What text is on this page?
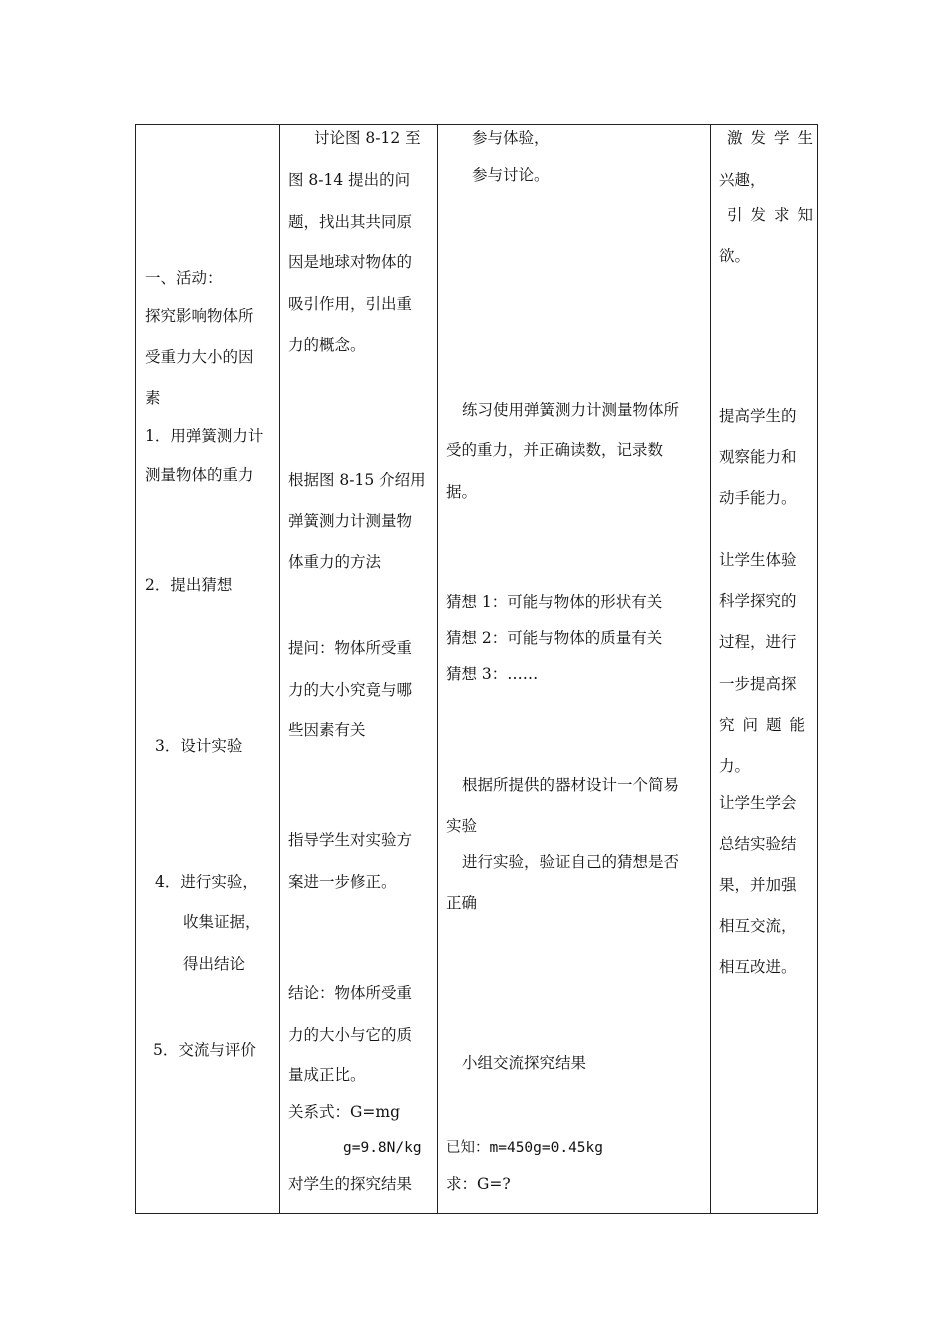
一、活动：
探究影响物体所
受重力大小的因
素
1．用弹簧测力计
测量物体的重力
2．提出猜想
3．设计实验
4．进行实验，
收集证据，
得出结论
5．交流与评价
讨论图 8-12 至
图 8-14 提出的问
题，找出其共同原
因是地球对物体的
吸引作用，引出重
力的概念。
根据图 8-15 介绍用
弹簧测力计测量物
体重力的方法
提问：物体所受重
力的大小究竟与哪
些因素有关
指导学生对实验方
案进一步修正。
结论：物体所受重
力的大小与它的质
量成正比。
关系式：G=mg
g=9.8N/kg
对学生的探究结果
参与体验，
参与讨论。
练习使用弹簧测力计测量物体所
受的重力，并正确读数，记录数
据。
猜想 1：可能与物体的形状有关
猜想 2：可能与物体的质量有关
猜想 3：……
根据所提供的器材设计一个简易
实验
进行实验，验证自己的猜想是否
正确
小组交流探究结果
已知：m=450g=0.45kg
求：G=?
激发学生
兴趣，
引发求知
欲。
提高学生的
观察能力和
动手能力。
让学生体验
科学探究的
过程，进行
一步提高探
究问题能
力。
让学生学会
总结实验结
果，并加强
相互交流，
相互改进。
